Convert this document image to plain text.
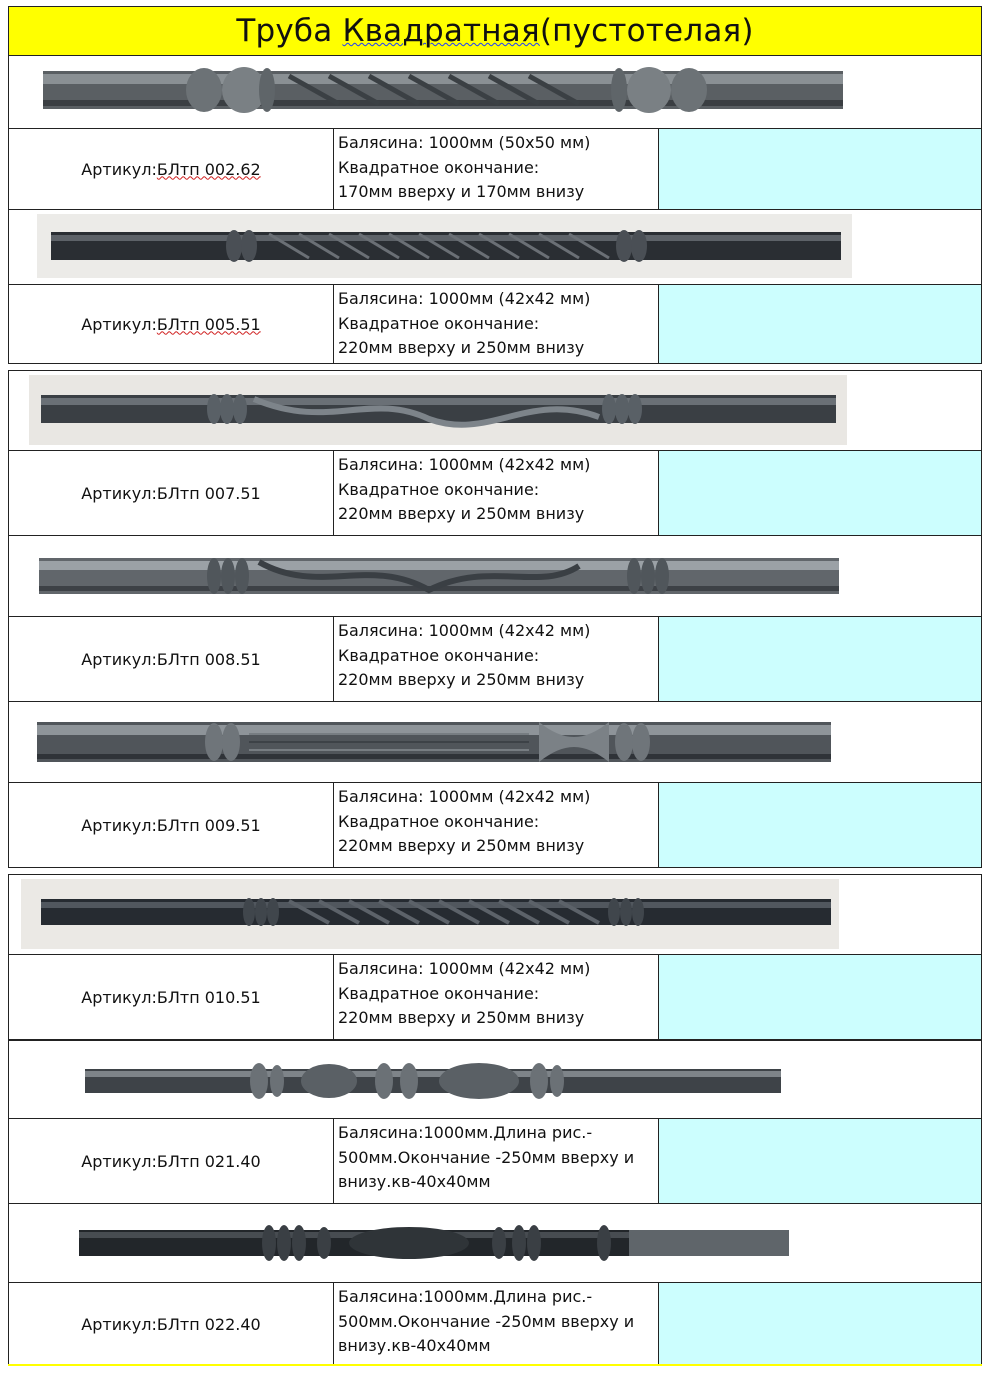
Труба Квадратная(пустотелая)
Артикул: БЛтп 002.62
Балясина: 1000мм (50х50 мм)
Квадратное окончание:
170мм вверху и 170мм внизу
Артикул: БЛтп 005.51
Балясина: 1000мм (42х42 мм)
Квадратное окончание:
220мм вверху и 250мм внизу
Артикул: БЛтп 007.51
Балясина: 1000мм (42х42 мм)
Квадратное окончание:
220мм вверху и 250мм внизу
Артикул: БЛтп 008.51
Балясина: 1000мм (42х42 мм)
Квадратное окончание:
220мм вверху и 250мм внизу
Артикул: БЛтп 009.51
Балясина: 1000мм (42х42 мм)
Квадратное окончание:
220мм вверху и 250мм внизу
Артикул: БЛтп 010.51
Балясина: 1000мм (42х42 мм)
Квадратное окончание:
220мм вверху и 250мм внизу
Артикул: БЛтп 021.40
Балясина:1000мм.Длина рис.-
500мм.Окончание -250мм вверху и
внизу.кв-40х40мм
Артикул: БЛтп 022.40
Балясина:1000мм.Длина рис.-
500мм.Окончание -250мм вверху и
внизу.кв-40х40мм
